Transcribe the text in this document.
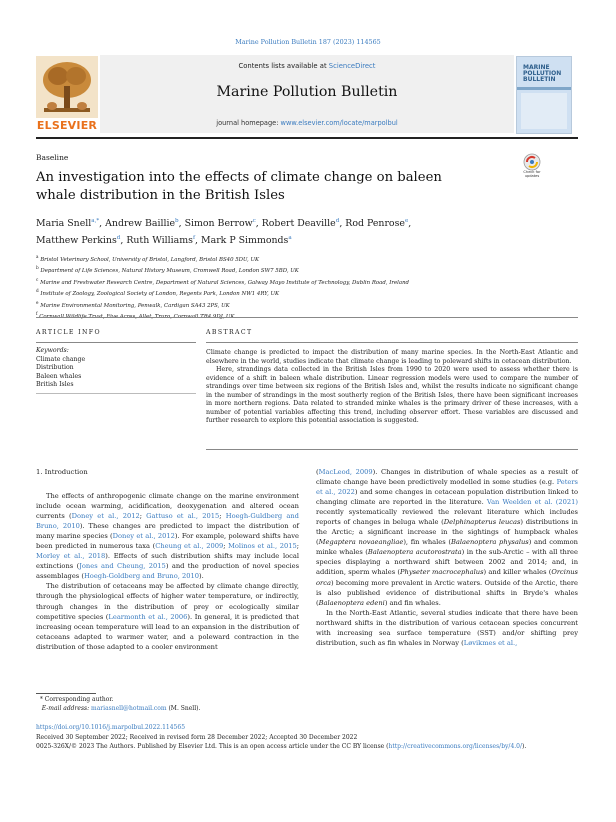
Marine Pollution Bulletin 187 (2023) 114565
Contents lists available at ScienceDirect
Marine Pollution Bulletin
journal homepage: www.elsevier.com/locate/marpolbul
ELSEVIER
MARINE POLLUTION BULLETIN
Baseline
Check for updates
An investigation into the effects of climate change on baleen whale distribution in the British Isles
Maria Snell$^{a,*}$, Andrew Baillie$^b$, Simon Berrow$^c$, Robert Deaville$^d$, Rod Penrose$^e$,
Matthew Perkins$^d$, Ruth Williams$^f$, Mark P Simmonds$^a$
$^a$ Bristol Veterinary School, University of Bristol, Langford, Bristol BS40 5DU, UK
$^b$ Department of Life Sciences, Natural History Museum, Cromwell Road, London SW7 5BD, UK
$^c$ Marine and Freshwater Research Centre, Department of Natural Sciences, Galway Mayo Institute of Technology, Dublin Road, Ireland
$^d$ Institute of Zoology, Zoological Society of London, Regents Park, London NW1 4RY, UK
$^e$ Marine Environmental Monitoring, Penwalk, Cardigan SA43 2PS, UK
$^f$
ARTICLE INFO	ABSTRACT
Keywords:
Climate change
Distribution
Baleen whales
British Isles

Climate change is predicted to impact the distribution of many marine species. In the North-East Atlantic and elsewhere in the world, studies indicate that climate change is leading to poleward shifts in cetacean distribution.

Here, strandings data collected in the British Isles from 1990 to 2020 were used to assess whether there is evidence of a shift in baleen whale distribution. Linear regression models were used to compare the number of strandings over time between six regions of the British Isles and, whilst the results indicate no significant change in the number of strandings in the most southerly region of the British Isles, there have been significant increases in more northern regions. Data related to stranded minke whales is the primary driver of these increases, with a number of potential variables affecting this trend, including observer effort. These variables are discussed and further research to explore this potential association is suggested.

1. Introduction

The effects of anthropogenic climate change on the marine environment include ocean warming, acidification, deoxygenation and altered ocean currents (Doney et al., 2012; Gattuso et al., 2015; Hoegh-Guldberg and Bruno, 2010). These changes are predicted to impact the distribution of many marine species (Doney et al., 2012). For example, poleward shifts have been predicted in numerous taxa (Cheung et al., 2009; Molinos et al., 2015; Morley et al., 2018). Effects of such distribution shifts may include local extinctions (Jones and Cheung, 2015) and the production of novel species assemblages (Hoegh-Goldberg and Bruno, 2010).

The distribution of cetaceans may be affected by climate change directly, through the physiological effects of higher water temperature, or indirectly, through changes in the distribution of prey or ecologically similar competitive species (Learmonth et al., 2006). In general, it is predicted that increasing ocean temperature will lead to an expansion in the distribution of cetaceans adapted to warmer water, and a poleward contraction in the distribution of those adapted to a cooler environment

(MacLeod, 2009). Changes in distribution of whale species as a result of climate change have been predictively modelled in some studies (e.g. Peters et al., 2022) and some changes in cetacean population distribution linked to changing climate are reported in the literature. Van Weelden et al. (2021) recently systematically reviewed the relevant literature which includes reports of changes in beluga whale (Delphinapterus leucas) distributions in the Arctic; a significant increase in the sightings of humpback whales (Megaptera novaeangliae), fin whales (Balaenoptera physalus) and common minke whales (Balaenoptera acutorostrata) in the sub-Arctic – with all three species displaying a northward shift between 2002 and 2014; and, in addition, sperm whales (Physeter macrocephalus) and killer whales (Orcinus orca) becoming more prevalent in Arctic waters. Outside of the Arctic, there is also published evidence of distributional shifts in Bryde's whales (Balaenoptera edeni) and fin whales.

In the North-East Atlantic, several studies indicate that there have been northward shifts in the distribution of various cetacean species concurrent with increasing sea surface temperature (SST) and/or shifting prey distribution, such as fin whales in Norway (Løvikmes et al.,

* Corresponding author.
E-mail address: mariasnell@hotmail.com (M. Snell).
https://doi.org/10.1016/j.marpolbul.2022.114565
Received 30 September 2022; Received in revised form 28 December 2022; Accepted 30 December 2022
0025-326X/© 2023 The Authors. Published by Elsevier Ltd. This is an open access article under the CC BY license (http://creativecommons.org/licenses/by/4.0/).
